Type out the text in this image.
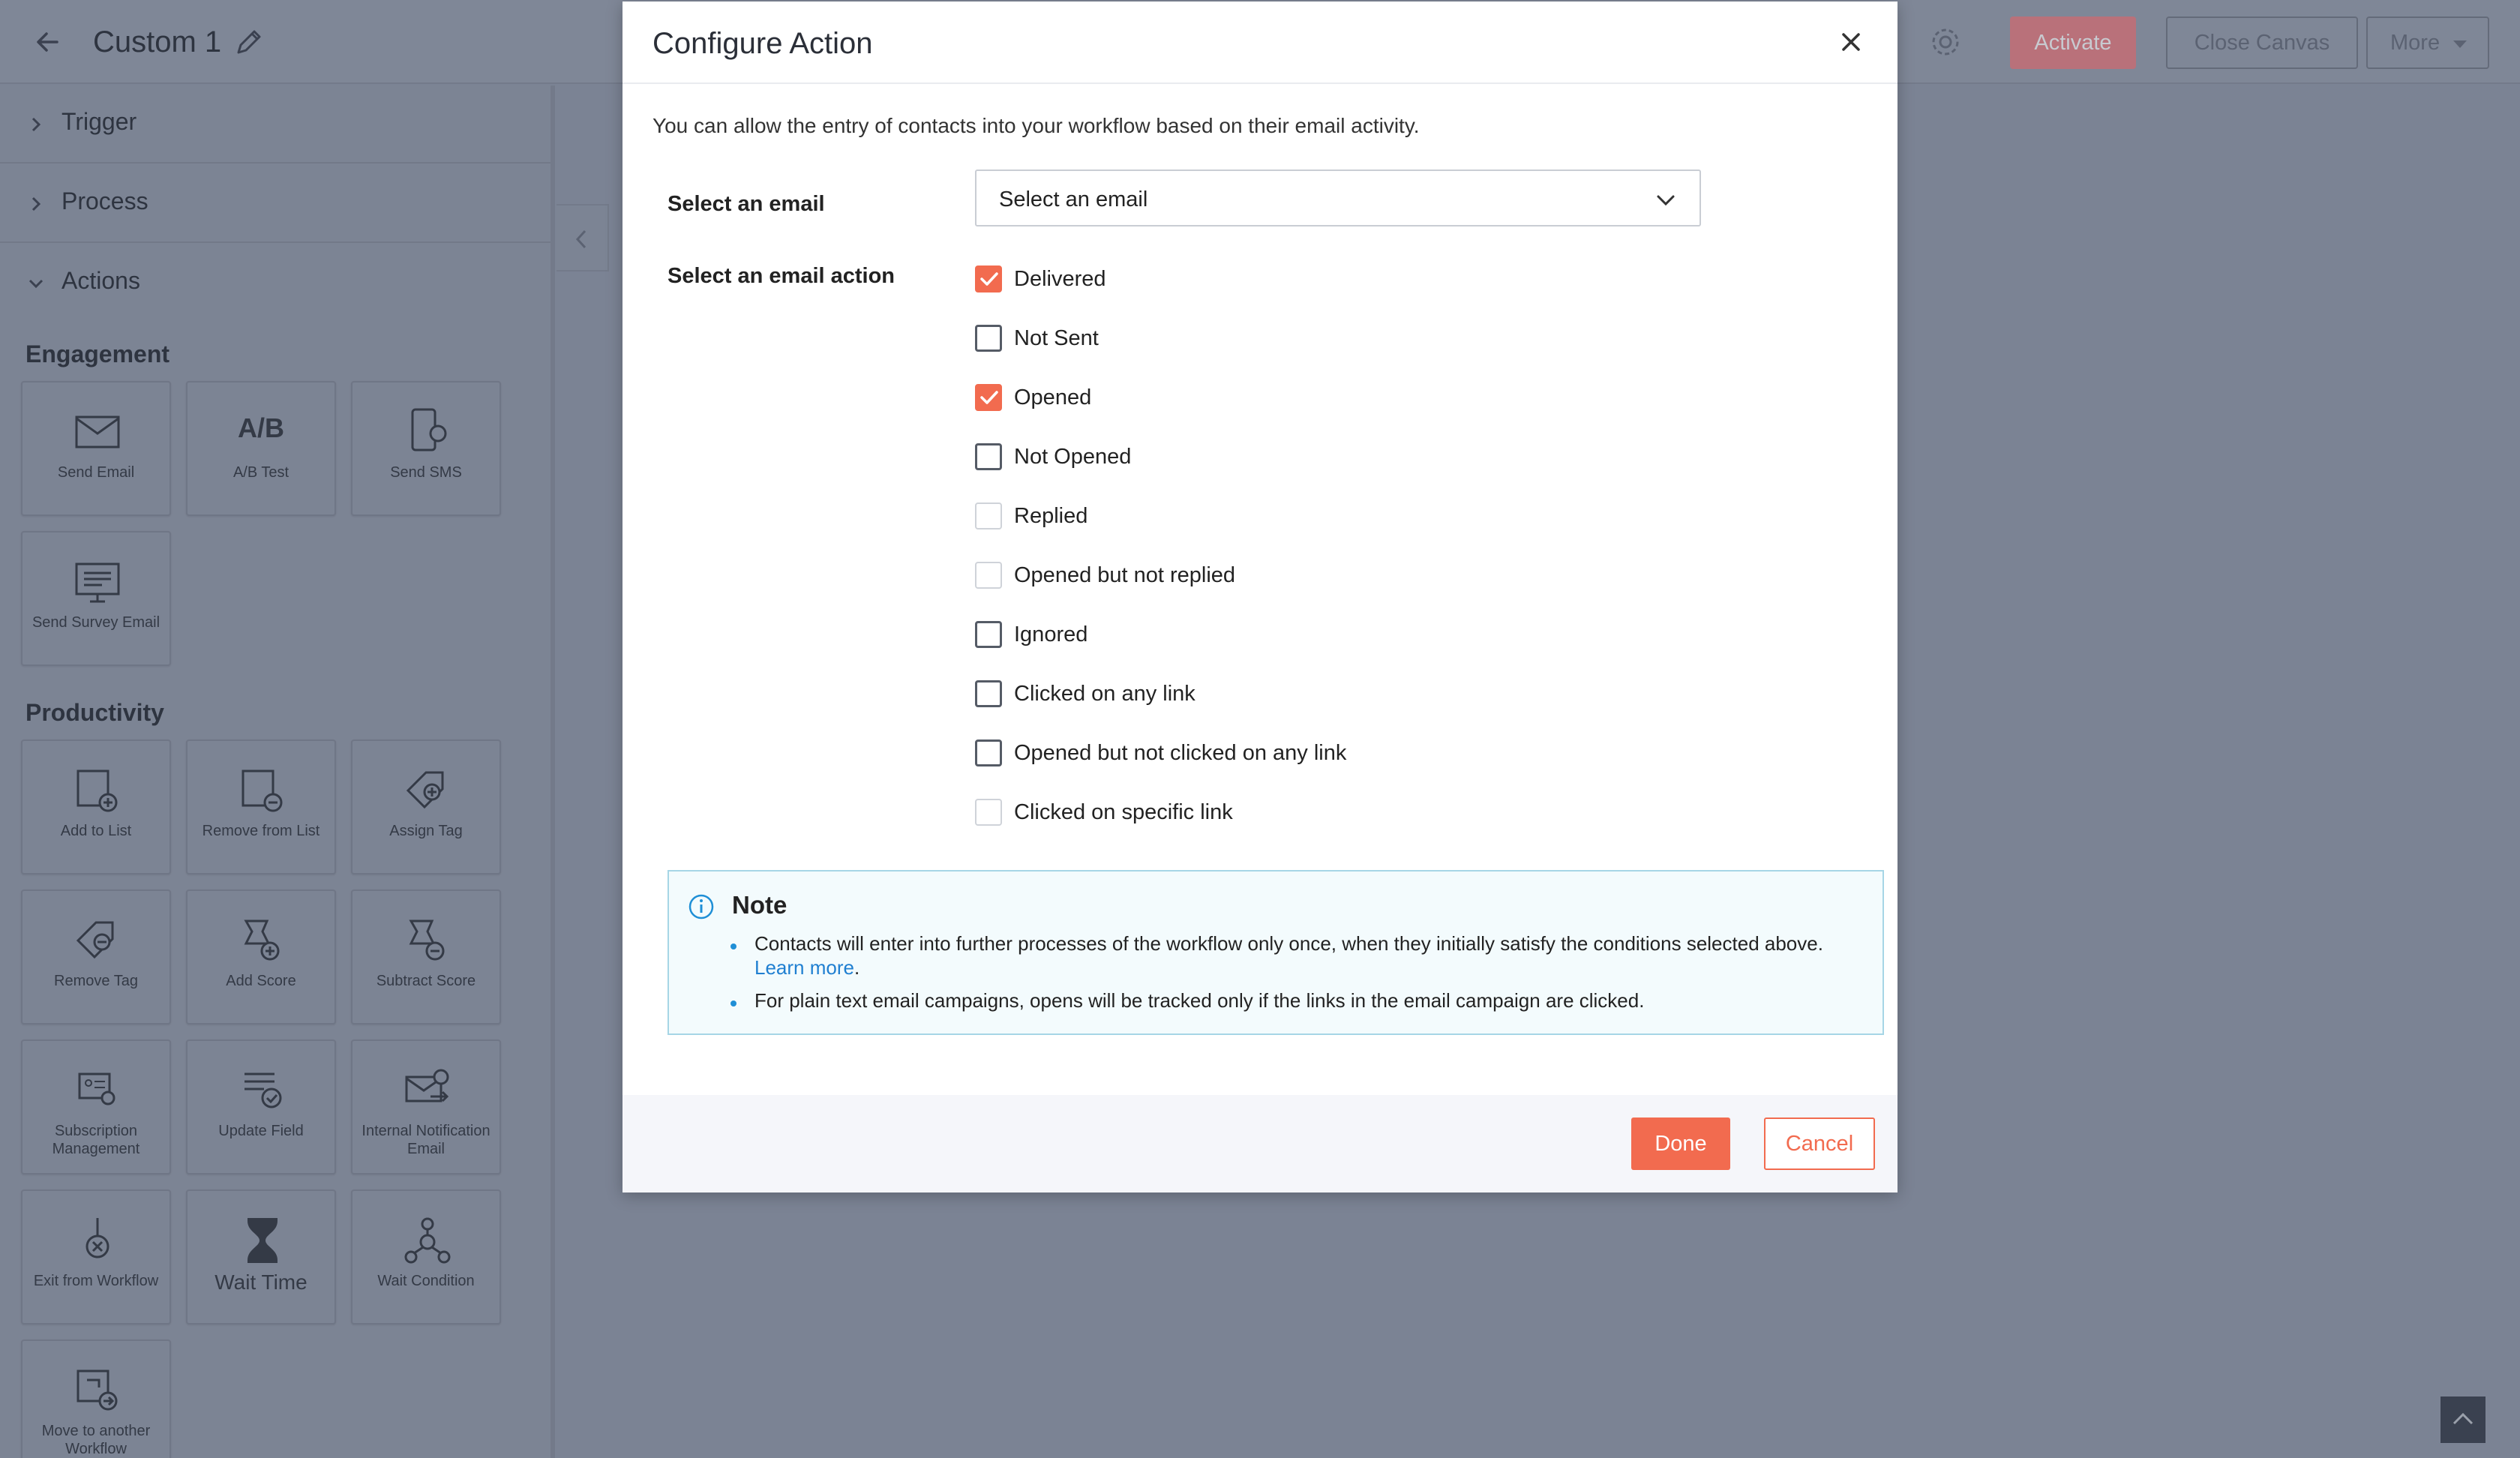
Custom 1	Activate	Close Canvas	More
Trigger
Process
Actions
Engagement
Send Email
A/B
A/B Test	Send SMS
Send Survey Email
Productivity
Add to List	Remove from List	Assign Tag
Remove Tag	Add Score	Subtract Score
Subscription Management
Update Field	Internal Notification Email
Exit from Workflow	Wait Time	Wait Condition
Move to another Workflow
Configure Action
You can allow the entry of contacts into your workflow based on their email activity.
Select an email	Select an email
Select an email action	Delivered
Not Sent
Opened
Not Opened
Replied
Opened but not replied
Ignored
Clicked on any link
Opened but not clicked on any link
Clicked on specific link
Note
Contacts will enter into further processes of the workflow only once, when they initially satisfy the conditions selected above.
Learn more.
For plain text email campaigns, opens will be tracked only if the links in the email campaign are clicked.
Done	Cancel
